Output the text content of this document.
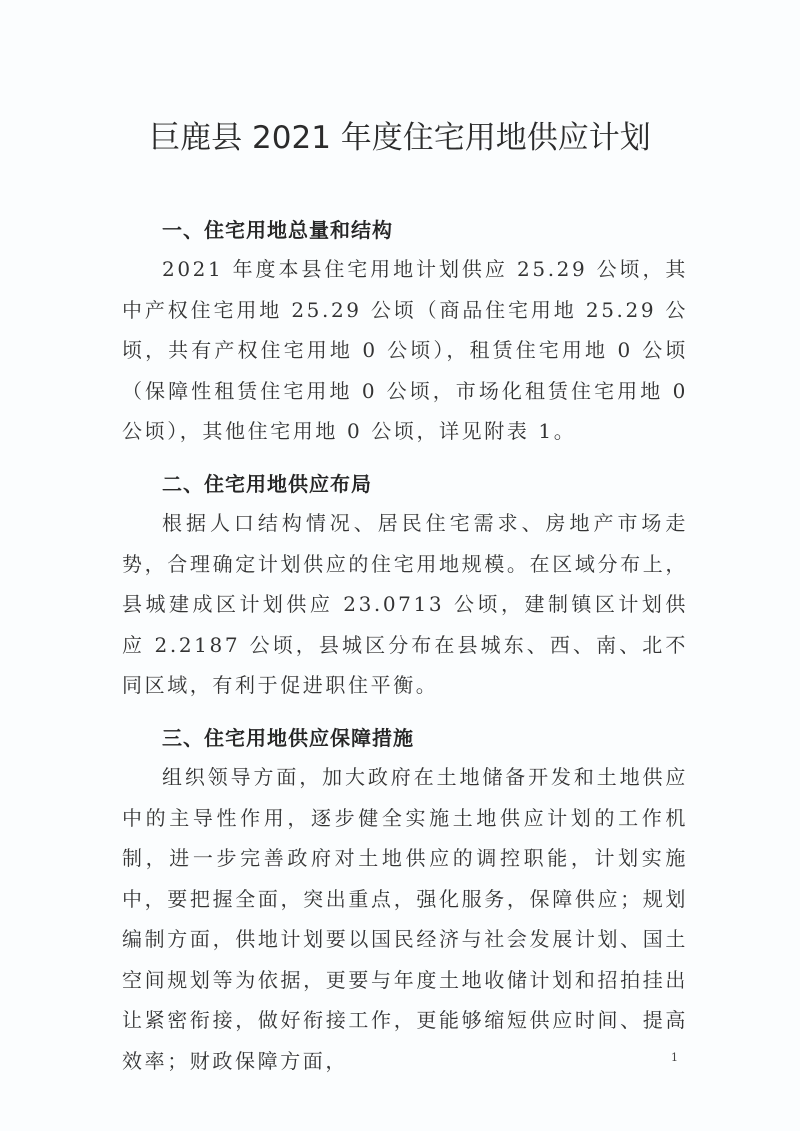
巨鹿县 2021 年度住宅用地供应计划
一、住宅用地总量和结构

2021 年度本县住宅用地计划供应 25.29 公顷，其中产权住宅用地 25.29 公顷（商品住宅用地 25.29 公顷，共有产权住宅用地 0 公顷），租赁住宅用地 0 公顷（保障性租赁住宅用地 0 公顷，市场化租赁住宅用地 0 公顷），其他住宅用地 0 公顷，详见附表 1。

二、住宅用地供应布局

根据人口结构情况、居民住宅需求、房地产市场走势，合理确定计划供应的住宅用地规模。在区域分布上，县城建成区计划供应 23.0713 公顷，建制镇区计划供应 2.2187 公顷，县城区分布在县城东、西、南、北不同区域，有利于促进职住平衡。

三、住宅用地供应保障措施

组织领导方面，加大政府在土地储备开发和土地供应中的主导性作用，逐步健全实施土地供应计划的工作机制，进一步完善政府对土地供应的调控职能，计划实施中，要把握全面，突出重点，强化服务，保障供应；规划编制方面，供地计划要以国民经济与社会发展计划、国土空间规划等为依据，更要与年度土地收储计划和招拍挂出让紧密衔接，做好衔接工作，更能够缩短供应时间、提高效率；财政保障方面，	1
